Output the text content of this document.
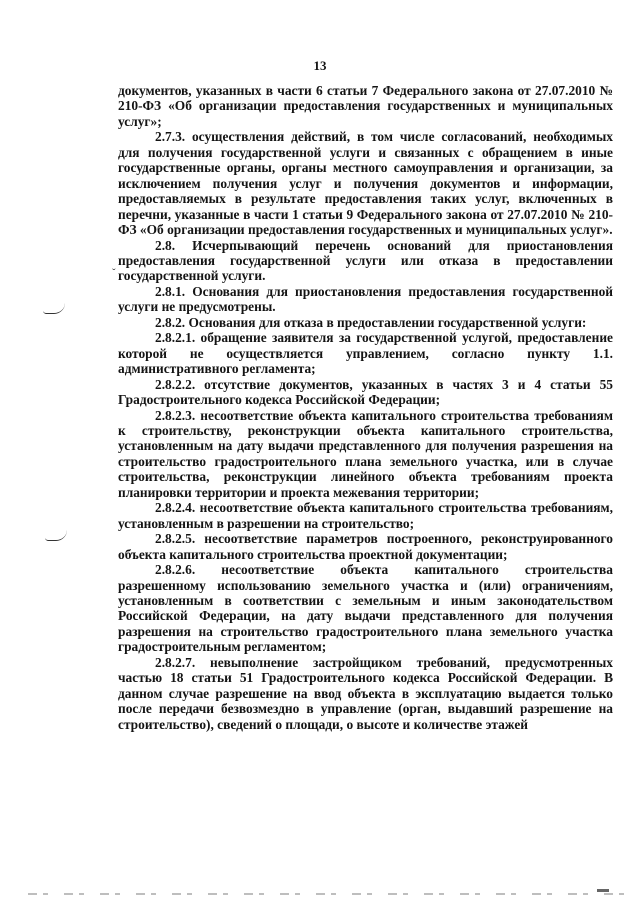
13
ˇ

документов, указанных в части 6 статьи 7 Федерального закона от 27.07.2010 № 210-ФЗ «Об организации предоставления государственных и муниципальных услуг»;

2.7.3. осуществления действий, в том числе согласований, необходимых для получения государственной услуги и связанных с обращением в иные государственные органы, органы местного самоуправления и организации, за исключением получения услуг и получения документов и информации, предоставляемых в результате предоставления таких услуг, включенных в перечни, указанные в части 1 статьи 9 Федерального закона от 27.07.2010 № 210-ФЗ «Об организации предоставления государственных и муниципальных услуг».

2.8. Исчерпывающий перечень оснований для приостановления предоставления государственной услуги или отказа в предоставлении государственной услуги.

2.8.1. Основания для приостановления предоставления государственной услуги не предусмотрены.

2.8.2. Основания для отказа в предоставлении государственной услуги:

2.8.2.1. обращение заявителя за государственной услугой, предоставление которой не осуществляется управлением, согласно пункту 1.1. административного регламента;

2.8.2.2. отсутствие документов, указанных в частях 3 и 4 статьи 55 Градостроительного кодекса Российской Федерации;

2.8.2.3. несоответствие объекта капитального строительства требованиям к строительству, реконструкции объекта капитального строительства, установленным на дату выдачи представленного для получения разрешения на строительство градостроительного плана земельного участка, или в случае строительства, реконструкции линейного объекта требованиям проекта планировки территории и проекта межевания территории;

2.8.2.4. несоответствие объекта капитального строительства требованиям, установленным в разрешении на строительство;

2.8.2.5. несоответствие параметров построенного, реконструированного объекта капитального строительства проектной документации;

2.8.2.6. несоответствие объекта капитального строительства разрешенному использованию земельного участка и (или) ограничениям, установленным в соответствии с земельным и иным законодательством Российской Федерации, на дату выдачи представленного для получения разрешения на строительство градостроительного плана земельного участка градостроительным регламентом;

2.8.2.7. невыполнение застройщиком требований, предусмотренных частью 18 статьи 51 Градостроительного кодекса Российской Федерации. В данном случае разрешение на ввод объекта в эксплуатацию выдается только после передачи безвозмездно в управление (орган, выдавший разрешение на строительство), сведений о площади, о высоте и количестве этажей
